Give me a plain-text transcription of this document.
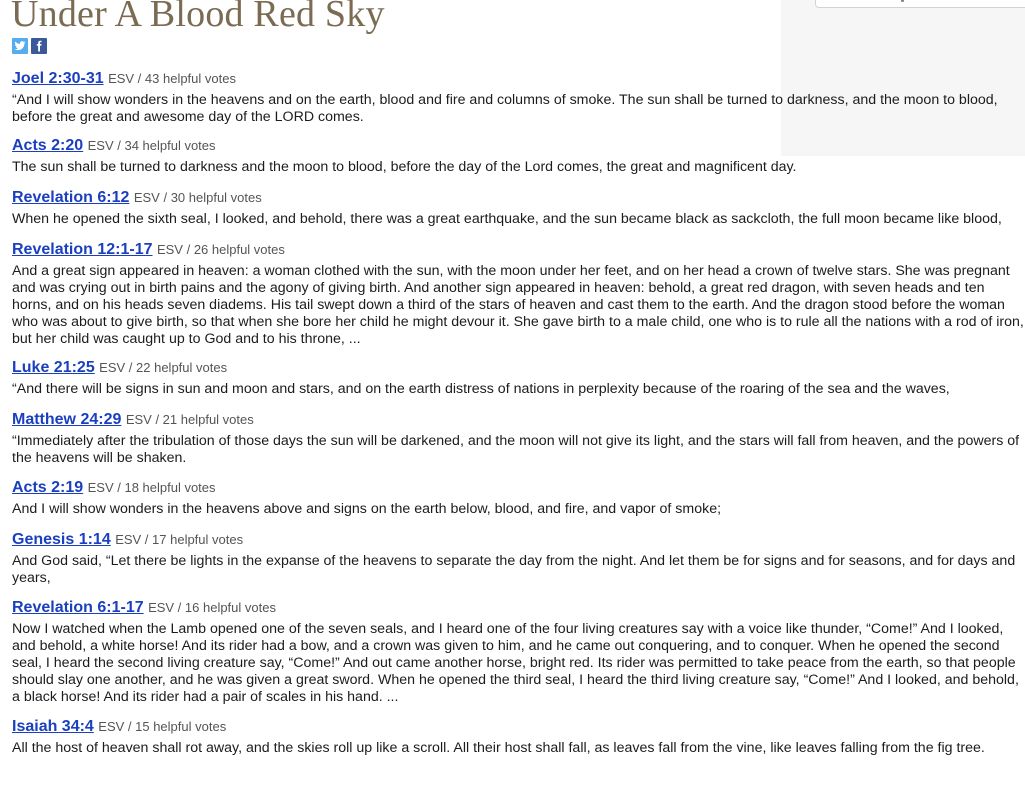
Under A Blood Red Sky
Joel 2:30-31 ESV / 43 helpful votes

“And I will show wonders in the heavens and on the earth, blood and fire and columns of smoke. The sun shall be turned to darkness, and the moon to blood, before the great and awesome day of the LORD comes.

Acts 2:20 ESV / 34 helpful votes

The sun shall be turned to darkness and the moon to blood, before the day of the Lord comes, the great and magnificent day.

Revelation 6:12 ESV / 30 helpful votes

When he opened the sixth seal, I looked, and behold, there was a great earthquake, and the sun became black as sackcloth, the full moon became like blood,

Revelation 12:1-17 ESV / 26 helpful votes

And a great sign appeared in heaven: a woman clothed with the sun, with the moon under her feet, and on her head a crown of twelve stars. She was pregnant and was crying out in birth pains and the agony of giving birth. And another sign appeared in heaven: behold, a great red dragon, with seven heads and ten horns, and on his heads seven diadems. His tail swept down a third of the stars of heaven and cast them to the earth. And the dragon stood before the woman who was about to give birth, so that when she bore her child he might devour it. She gave birth to a male child, one who is to rule all the nations with a rod of iron, but her child was caught up to God and to his throne, ...

Luke 21:25 ESV / 22 helpful votes

“And there will be signs in sun and moon and stars, and on the earth distress of nations in perplexity because of the roaring of the sea and the waves,

Matthew 24:29 ESV / 21 helpful votes

“Immediately after the tribulation of those days the sun will be darkened, and the moon will not give its light, and the stars will fall from heaven, and the powers of the heavens will be shaken.

Acts 2:19 ESV / 18 helpful votes

And I will show wonders in the heavens above and signs on the earth below, blood, and fire, and vapor of smoke;

Genesis 1:14 ESV / 17 helpful votes

And God said, “Let there be lights in the expanse of the heavens to separate the day from the night. And let them be for signs and for seasons, and for days and years,

Revelation 6:1-17 ESV / 16 helpful votes

Now I watched when the Lamb opened one of the seven seals, and I heard one of the four living creatures say with a voice like thunder, “Come!” And I looked, and behold, a white horse! And its rider had a bow, and a crown was given to him, and he came out conquering, and to conquer. When he opened the second seal, I heard the second living creature say, “Come!” And out came another horse, bright red. Its rider was permitted to take peace from the earth, so that people should slay one another, and he was given a great sword. When he opened the third seal, I heard the third living creature say, “Come!” And I looked, and behold, a black horse! And its rider had a pair of scales in his hand. ...

Isaiah 34:4 ESV / 15 helpful votes

All the host of heaven shall rot away, and the skies roll up like a scroll. All their host shall fall, as leaves fall from the vine, like leaves falling from the fig tree.
